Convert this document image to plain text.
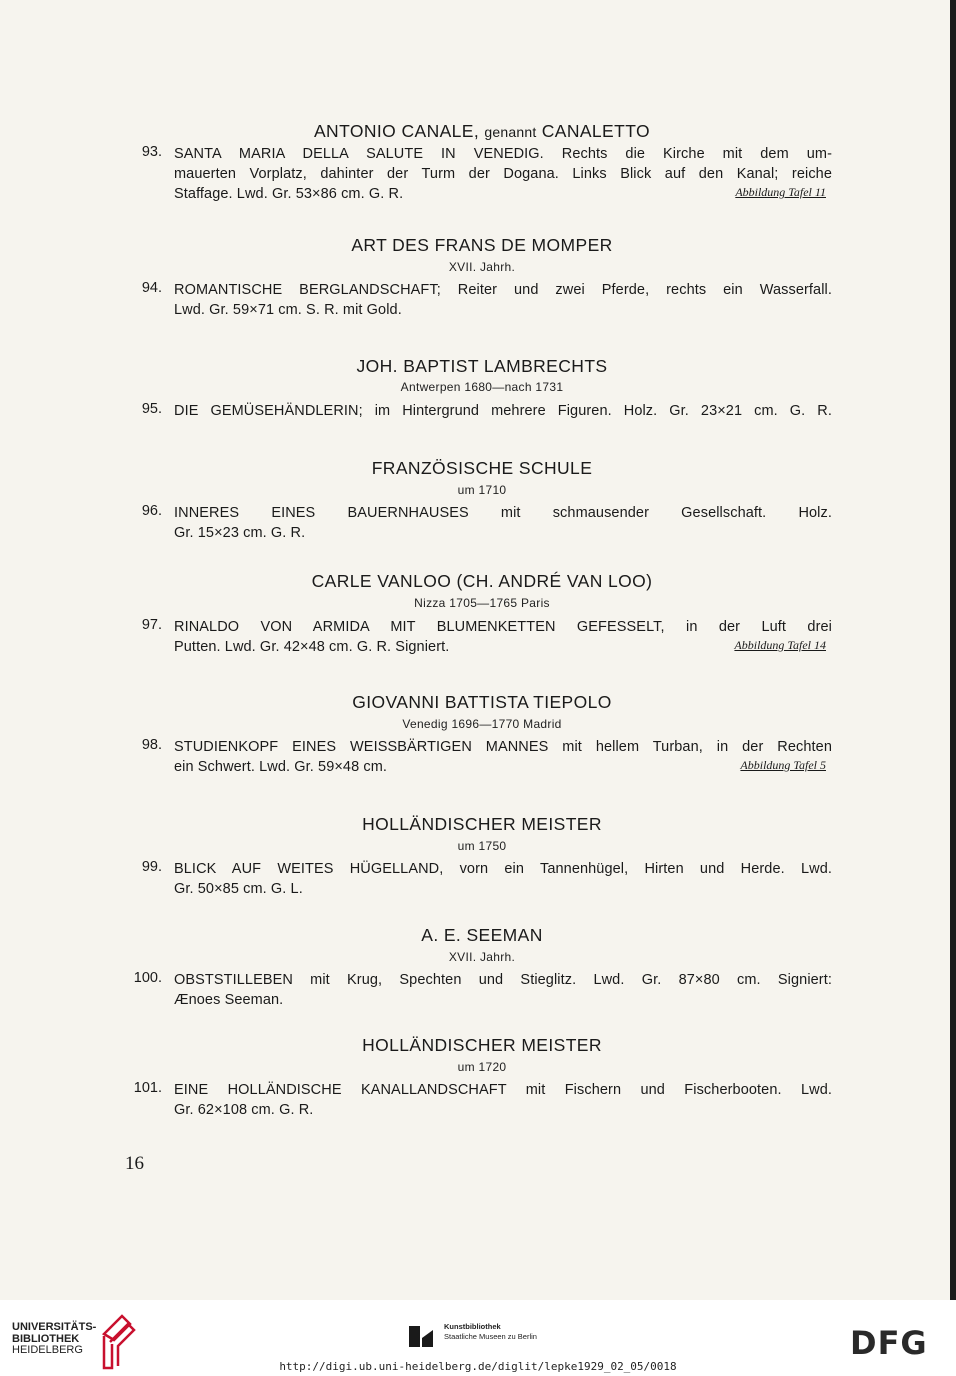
ANTONIO CANALE, genannt CANALETTO
93. SANTA MARIA DELLA SALUTE IN VENEDIG. Rechts die Kirche mit dem um-
mauerten Vorplatz, dahinter der Turm der Dogana. Links Blick auf den Kanal; reiche
Staffage. Lwd. Gr. 53×86 cm. G. R.	Abbildung Tafel 11
ART DES FRANS DE MOMPER
XVII. Jahrh.
94. ROMANTISCHE BERGLANDSCHAFT; Reiter und zwei Pferde, rechts ein Wasserfall.
Lwd. Gr. 59×71 cm. S. R. mit Gold.
JOH. BAPTIST LAMBRECHTS
Antwerpen 1680—nach 1731
95. DIE GEMÜSEHÄNDLERIN; im Hintergrund mehrere Figuren. Holz. Gr. 23×21 cm. G. R.
FRANZÖSISCHE SCHULE
um 1710
96. INNERES EINES BAUERNHAUSES mit schmausender Gesellschaft. Holz.
Gr. 15×23 cm. G. R.
CARLE VANLOO (CH. ANDRÉ VAN LOO)
Nizza 1705—1765 Paris
97. RINALDO VON ARMIDA MIT BLUMENKETTEN GEFESSELT, in der Luft drei
Putten. Lwd. Gr. 42×48 cm. G. R. Signiert.	Abbildung Tafel 14
GIOVANNI BATTISTA TIEPOLO
Venedig 1696—1770 Madrid
98. STUDIENKOPF EINES WEISSBÄRTIGEN MANNES mit hellem Turban, in der Rechten
ein Schwert. Lwd. Gr. 59×48 cm.	Abbildung Tafel 5
HOLLÄNDISCHER MEISTER
um 1750
99. BLICK AUF WEITES HÜGELLAND, vorn ein Tannenhügel, Hirten und Herde. Lwd.
Gr. 50×85 cm. G. L.
A. E. SEEMAN
XVII. Jahrh.
100. OBSTSTILLEBEN mit Krug, Spechten und Stieglitz. Lwd. Gr. 87×80 cm. Signiert:
Ænoes Seeman.
HOLLÄNDISCHER MEISTER
um 1720
101. EINE HOLLÄNDISCHE KANALLANDSCHAFT mit Fischern und Fischerbooten. Lwd.
Gr. 62×108 cm. G. R.
16
UNIVERSITÄTS-
BIBLIOTHEK
HEIDELBERG
Kunstbibliothek
Staatliche Museen zu Berlin	DFG
http://digi.ub.uni-heidelberg.de/diglit/lepke1929_02_05/0018
